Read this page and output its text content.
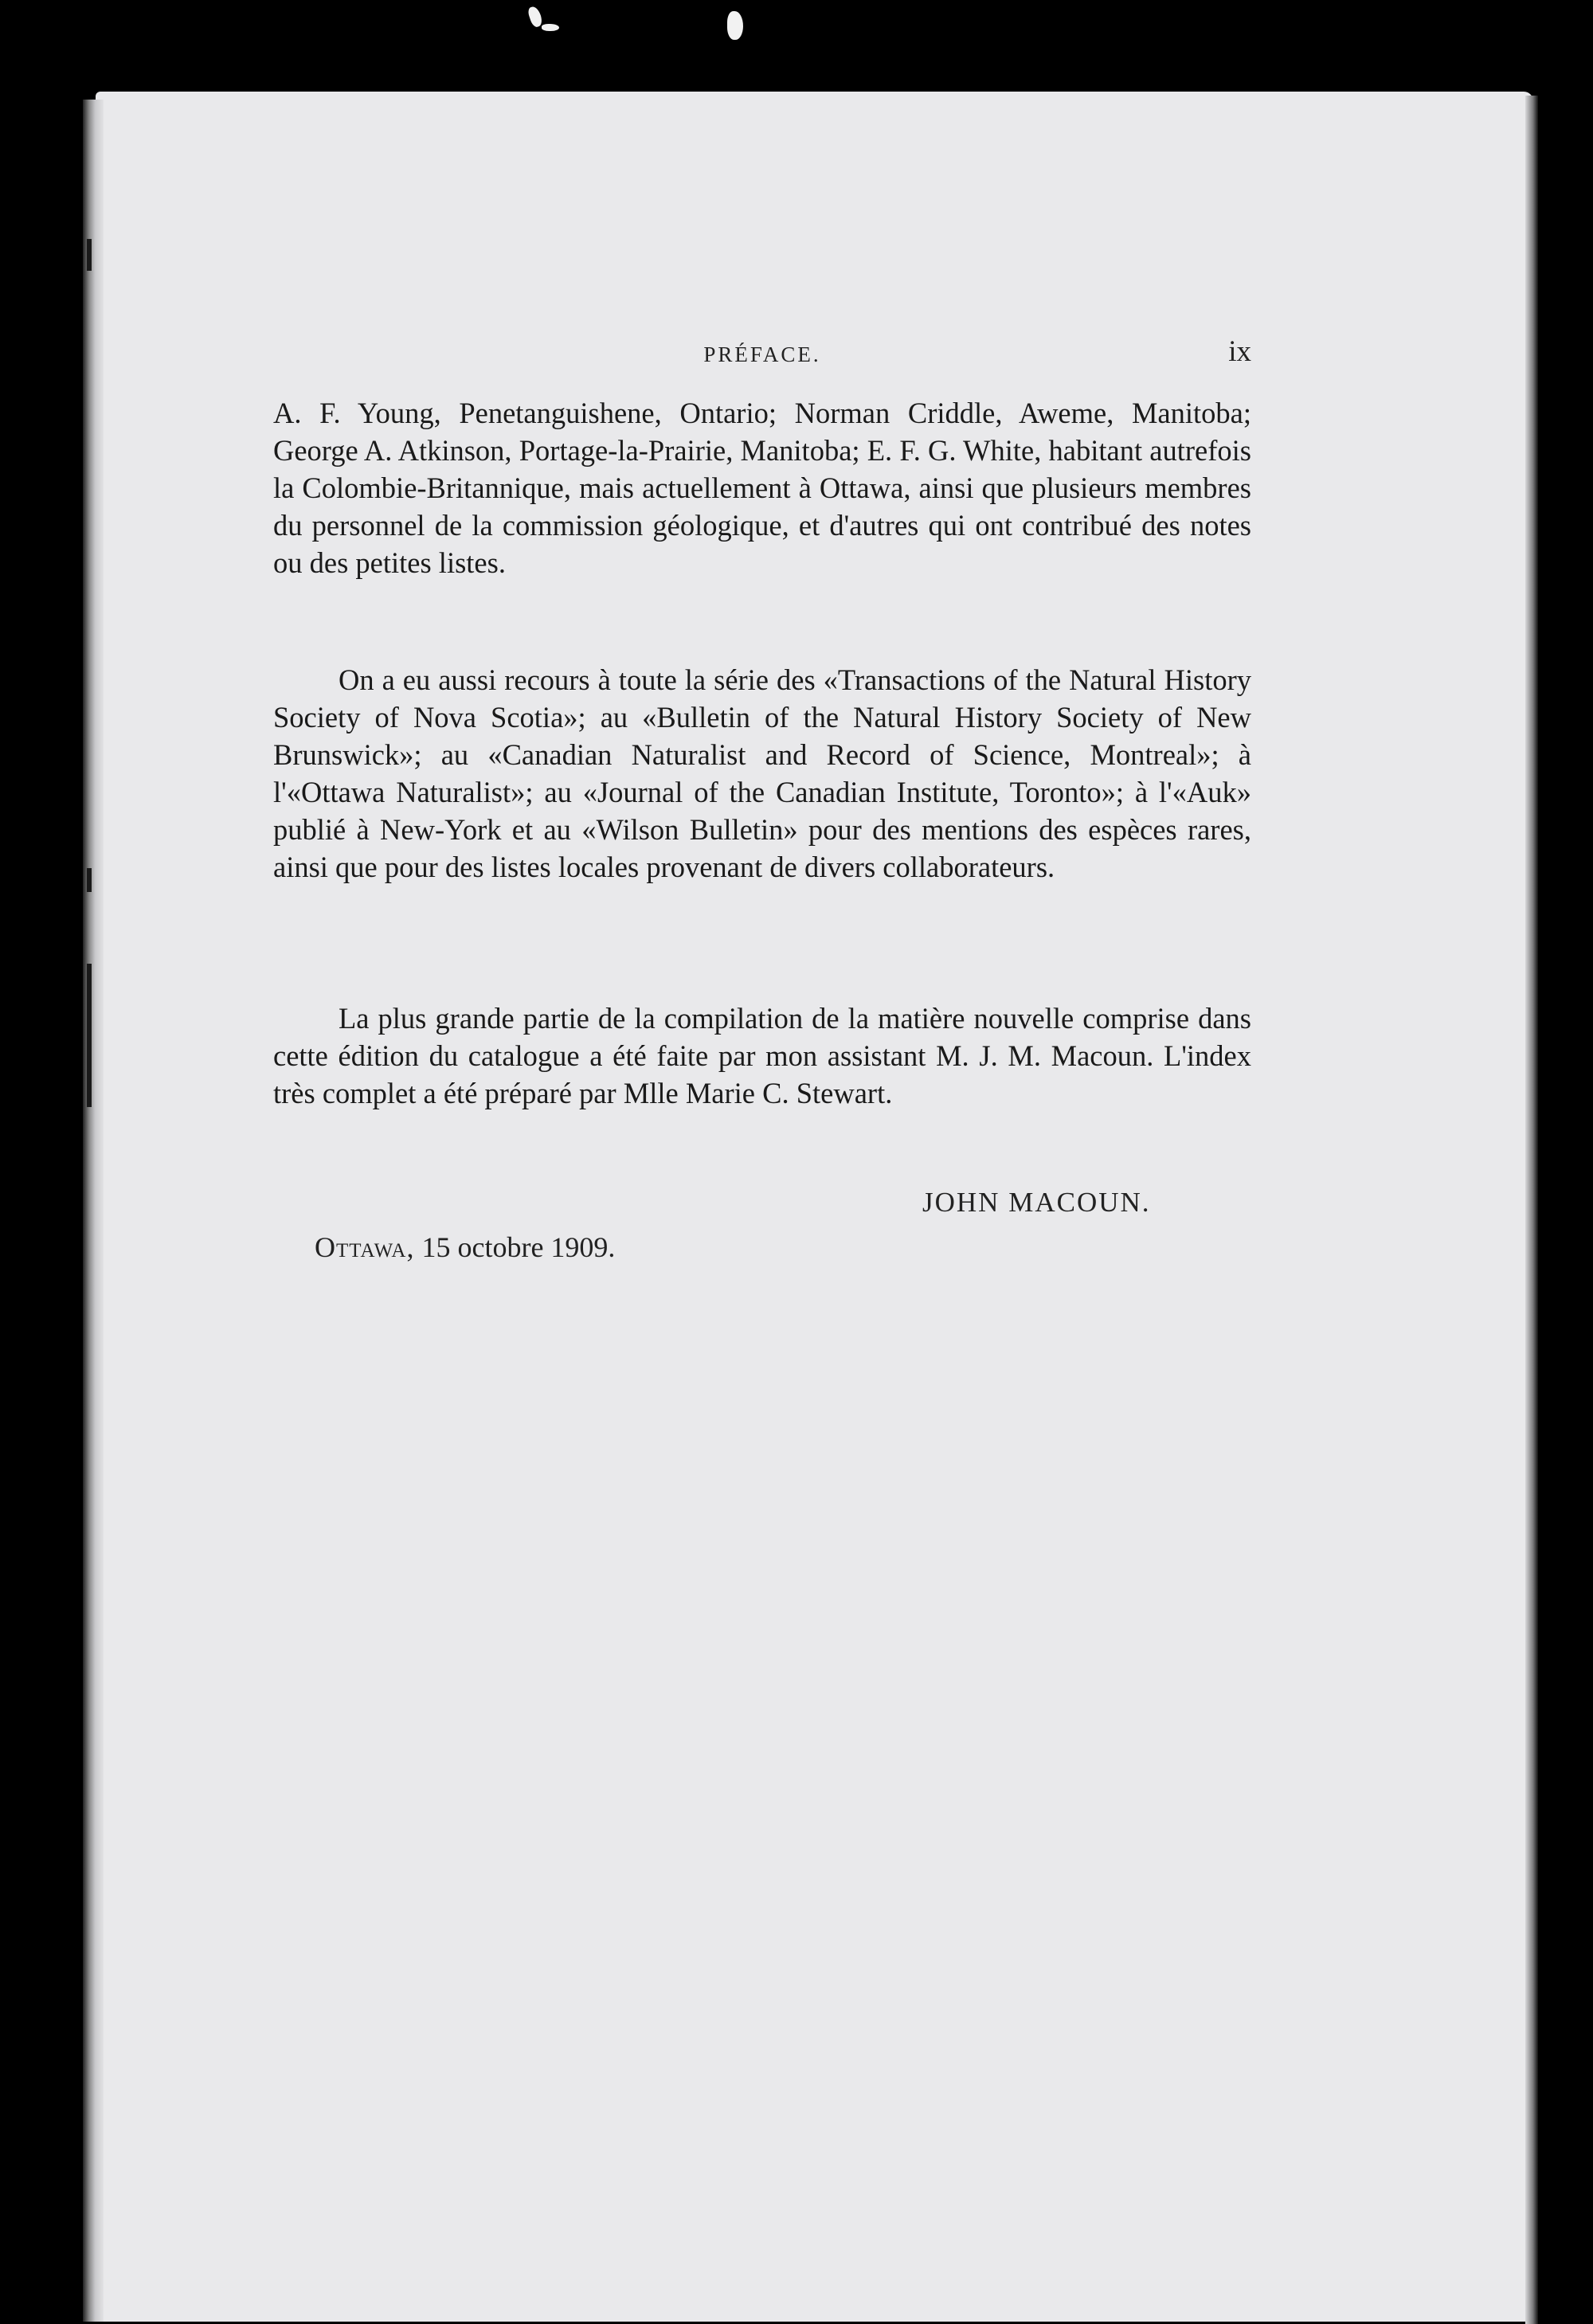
PRÉFACE.	ix

A. F. Young, Penetanguishene, Ontario; Norman Criddle, Aweme, Manitoba; George A. Atkinson, Portage-la-Prairie, Manitoba; E. F. G. White, habitant autrefois la Colombie-Britannique, mais actuellement à Ottawa, ainsi que plusieurs membres du personnel de la commission géologique, et d'autres qui ont contribué des notes ou des petites listes.

On a eu aussi recours à toute la série des «Transactions of the Natural History Society of Nova Scotia»; au «Bulletin of the Natural History Society of New Brunswick»; au «Canadian Naturalist and Record of Science, Montreal»; à l'«Ottawa Naturalist»; au «Journal of the Canadian Institute, Toronto»; à l'«Auk» publié à New-York et au «Wilson Bulletin» pour des mentions des espèces rares, ainsi que pour des listes locales provenant de divers collaborateurs.

La plus grande partie de la compilation de la matière nouvelle comprise dans cette édition du catalogue a été faite par mon assistant M. J. M. Macoun. L'index très complet a été préparé par Mlle Marie C. Stewart.

JOHN MACOUN.
Ottawa, 15 octobre 1909.
